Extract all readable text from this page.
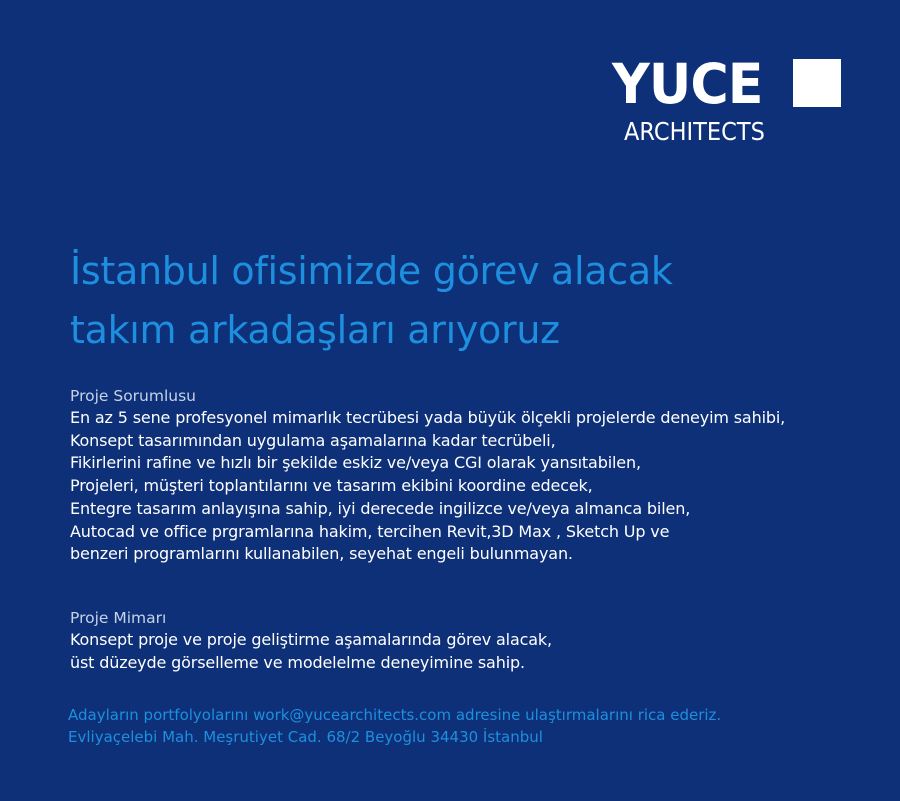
YUCE
ARCHITECTS
İstanbul ofisimizde görev alacak
takım arkadaşları arıyoruz
Proje Sorumlusu
En az 5 sene profesyonel mimarlık tecrübesi yada büyük ölçekli projelerde deneyim sahibi,
Konsept tasarımından uygulama aşamalarına kadar tecrübeli,
Fikirlerini rafine ve hızlı bir şekilde eskiz ve/veya CGI olarak yansıtabilen,
Projeleri, müşteri toplantılarını ve tasarım ekibini koordine edecek,
Entegre tasarım anlayışına sahip, iyi derecede ingilizce ve/veya almanca bilen,
Autocad ve office prgramlarına hakim, tercihen Revit,3D Max , Sketch Up ve
benzeri programlarını kullanabilen, seyehat engeli bulunmayan.
Proje Mimarı
Konsept proje ve proje geliştirme aşamalarında görev alacak,
üst düzeyde görselleme ve modelelme deneyimine sahip.
Adayların portfolyolarını work@yucearchitects.com adresine ulaştırmalarını rica ederiz.
Evliyaçelebi Mah. Meşrutiyet Cad. 68/2 Beyoğlu 34430 İstanbul
